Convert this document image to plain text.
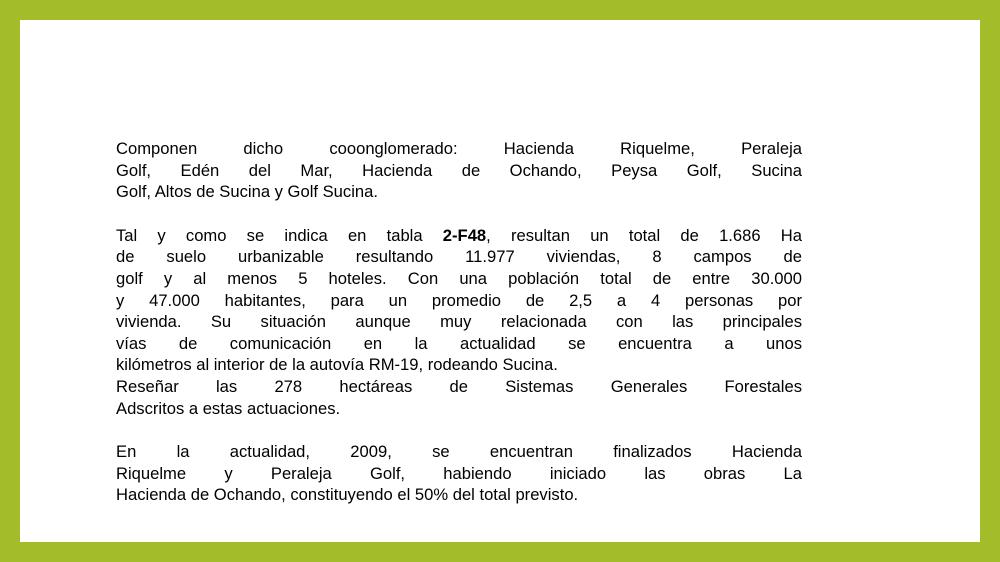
Componen dicho cooonglomerado: Hacienda Riquelme, Peraleja
Golf, Edén del Mar, Hacienda de Ochando, Peysa Golf, Sucina
Golf, Altos de Sucina y Golf Sucina.
Tal y como se indica en tabla 2-F48, resultan un total de 1.686 Ha
de suelo urbanizable resultando 11.977 viviendas, 8 campos de
golf y al menos 5 hoteles. Con una población total de entre 30.000
y 47.000 habitantes, para un promedio de 2,5 a 4 personas por
vivienda. Su situación aunque muy relacionada con las principales
vías de comunicación en la actualidad se encuentra a unos
kilómetros al interior de la autovía RM-19, rodeando Sucina.
Reseñar las 278 hectáreas de Sistemas Generales Forestales
Adscritos a estas actuaciones.
En la actualidad, 2009, se encuentran finalizados Hacienda
Riquelme y Peraleja Golf, habiendo iniciado las obras La
Hacienda de Ochando, constituyendo el 50% del total previsto.
